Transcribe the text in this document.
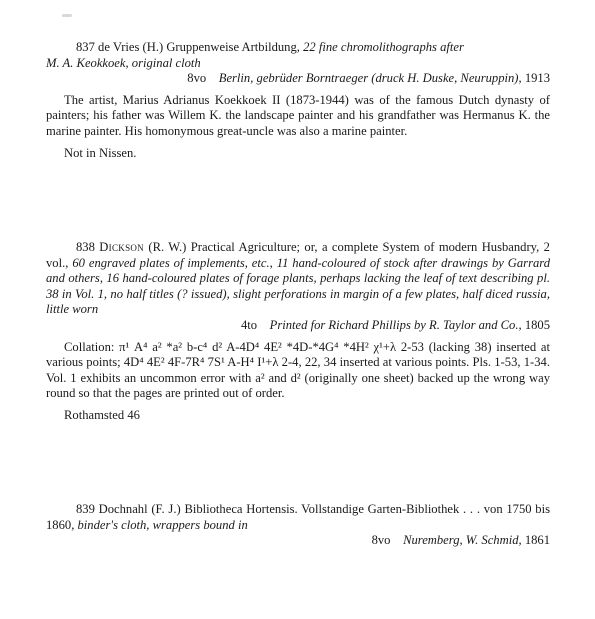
837 de Vries (H.) Gruppenweise Artbildung, 22 fine chromolithographs after
M. A. Keokkoek, original cloth

8vo Berlin, gebrüder Borntraeger (druck H. Duske, Neuruppin), 1913

The artist, Marius Adrianus Koekkoek II (1873-1944) was of the famous Dutch dynasty of painters; his father was Willem K. the landscape painter and his grandfather was Hermanus K. the marine painter. His homonymous great-uncle was also a marine painter.

Not in Nissen.

838 Dickson (R. W.) Practical Agriculture; or, a complete System of modern Husbandry, 2 vol., 60 engraved plates of implements, etc., 11 hand-coloured of stock after drawings by Garrard and others, 16 hand-coloured plates of forage plants, perhaps lacking the leaf of text describing pl. 38 in Vol. 1, no half titles (? issued), slight perforations in margin of a few plates, half diced russia, little worn

4to Printed for Richard Phillips by R. Taylor and Co., 1805

Collation: π¹ A⁴ a² *a² b-c⁴ d² A-4D⁴ 4E² *4D-*4G⁴ *4H² χ¹+λ 2-53 (lacking 38) inserted at various points; 4D⁴ 4E² 4F-7R⁴ 7S¹ A-H⁴ I¹+λ 2-4, 22, 34 inserted at various points. Pls. 1-53, 1-34. Vol. 1 exhibits an uncommon error with a² and d² (originally one sheet) backed up the wrong way round so that the pages are printed out of order.

Rothamsted 46

839 Dochnahl (F. J.) Bibliotheca Hortensis. Vollstandige Garten-Bibliothek . . . von 1750 bis 1860, binder's cloth, wrappers bound in

8vo Nuremberg, W. Schmid, 1861
